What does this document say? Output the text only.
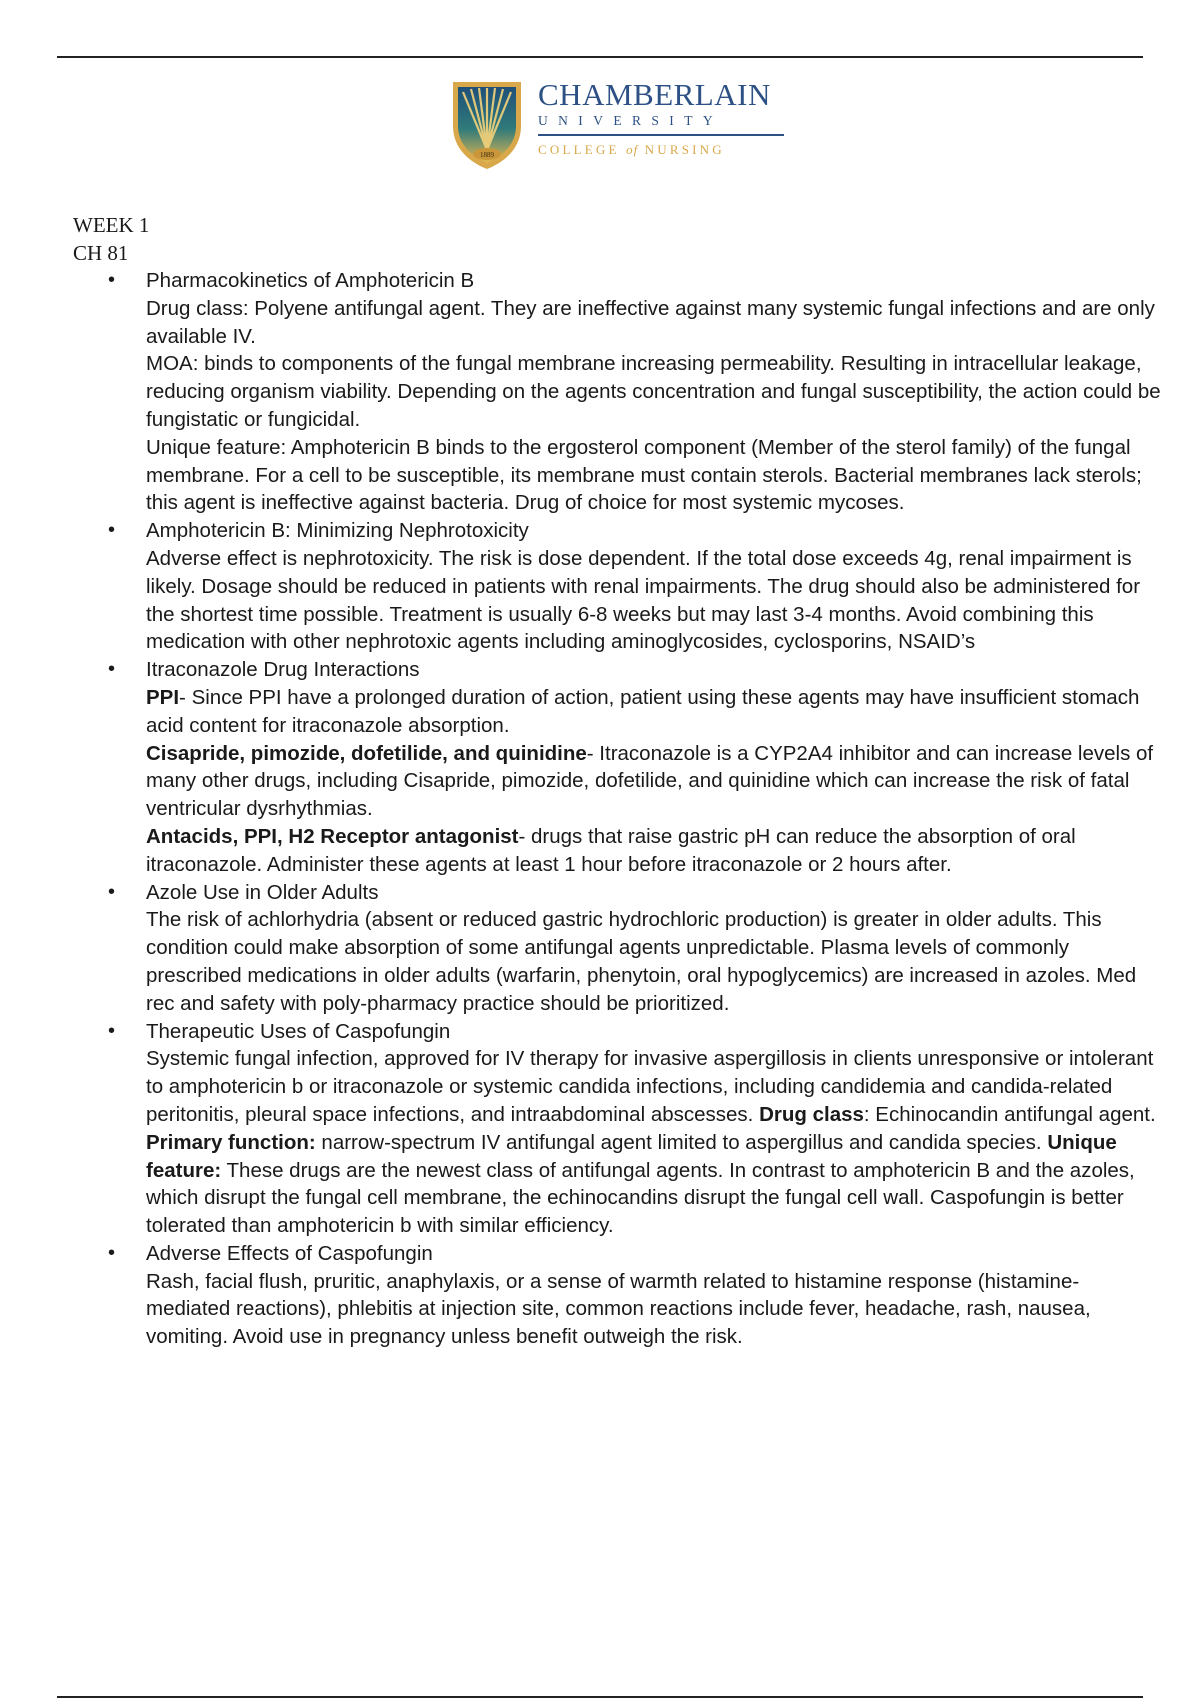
1889
CHAMBERLAIN
UNIVERSITY
COLLEGE of NURSING
WEEK 1
CH 81
• Pharmacokinetics of Amphotericin B
Drug class: Polyene antifungal agent. They are ineffective against many systemic fungal infections and are only available IV.
MOA: binds to components of the fungal membrane increasing permeability. Resulting in intracellular leakage, reducing organism viability. Depending on the agents concentration and fungal susceptibility, the action could be fungistatic or fungicidal.
Unique feature: Amphotericin B binds to the ergosterol component (Member of the sterol family) of the fungal membrane. For a cell to be susceptible, its membrane must contain sterols. Bacterial membranes lack sterols; this agent is ineffective against bacteria. Drug of choice for most systemic mycoses.
• Amphotericin B: Minimizing Nephrotoxicity
Adverse effect is nephrotoxicity. The risk is dose dependent. If the total dose exceeds 4g, renal impairment is likely. Dosage should be reduced in patients with renal impairments. The drug should also be administered for the shortest time possible. Treatment is usually 6-8 weeks but may last 3-4 months. Avoid combining this medication with other nephrotoxic agents including aminoglycosides, cyclosporins, NSAID’s
• Itraconazole Drug Interactions
PPI- Since PPI have a prolonged duration of action, patient using these agents may have insufficient stomach acid content for itraconazole absorption.
Cisapride, pimozide, dofetilide, and quinidine- Itraconazole is a CYP2A4 inhibitor and can increase levels of many other drugs, including Cisapride, pimozide, dofetilide, and quinidine which can increase the risk of fatal ventricular dysrhythmias.
Antacids, PPI, H2 Receptor antagonist- drugs that raise gastric pH can reduce the absorption of oral itraconazole. Administer these agents at least 1 hour before itraconazole or 2 hours after.
• Azole Use in Older Adults
The risk of achlorhydria (absent or reduced gastric hydrochloric production) is greater in older adults. This condition could make absorption of some antifungal agents unpredictable. Plasma levels of commonly prescribed medications in older adults (warfarin, phenytoin, oral hypoglycemics) are increased in azoles. Med rec and safety with poly-pharmacy practice should be prioritized.
• Therapeutic Uses of Caspofungin
Systemic fungal infection, approved for IV therapy for invasive aspergillosis in clients unresponsive or intolerant to amphotericin b or itraconazole or systemic candida infections, including candidemia and candida-related peritonitis, pleural space infections, and intraabdominal abscesses. Drug class: Echinocandin antifungal agent. Primary function: narrow-spectrum IV antifungal agent limited to aspergillus and candida species. Unique feature: These drugs are the newest class of antifungal agents. In contrast to amphotericin B and the azoles, which disrupt the fungal cell membrane, the echinocandins disrupt the fungal cell wall. Caspofungin is better tolerated than amphotericin b with similar efficiency.
• Adverse Effects of Caspofungin
Rash, facial flush, pruritic, anaphylaxis, or a sense of warmth related to histamine response (histamine-mediated reactions), phlebitis at injection site, common reactions include fever, headache, rash, nausea, vomiting. Avoid use in pregnancy unless benefit outweigh the risk.
